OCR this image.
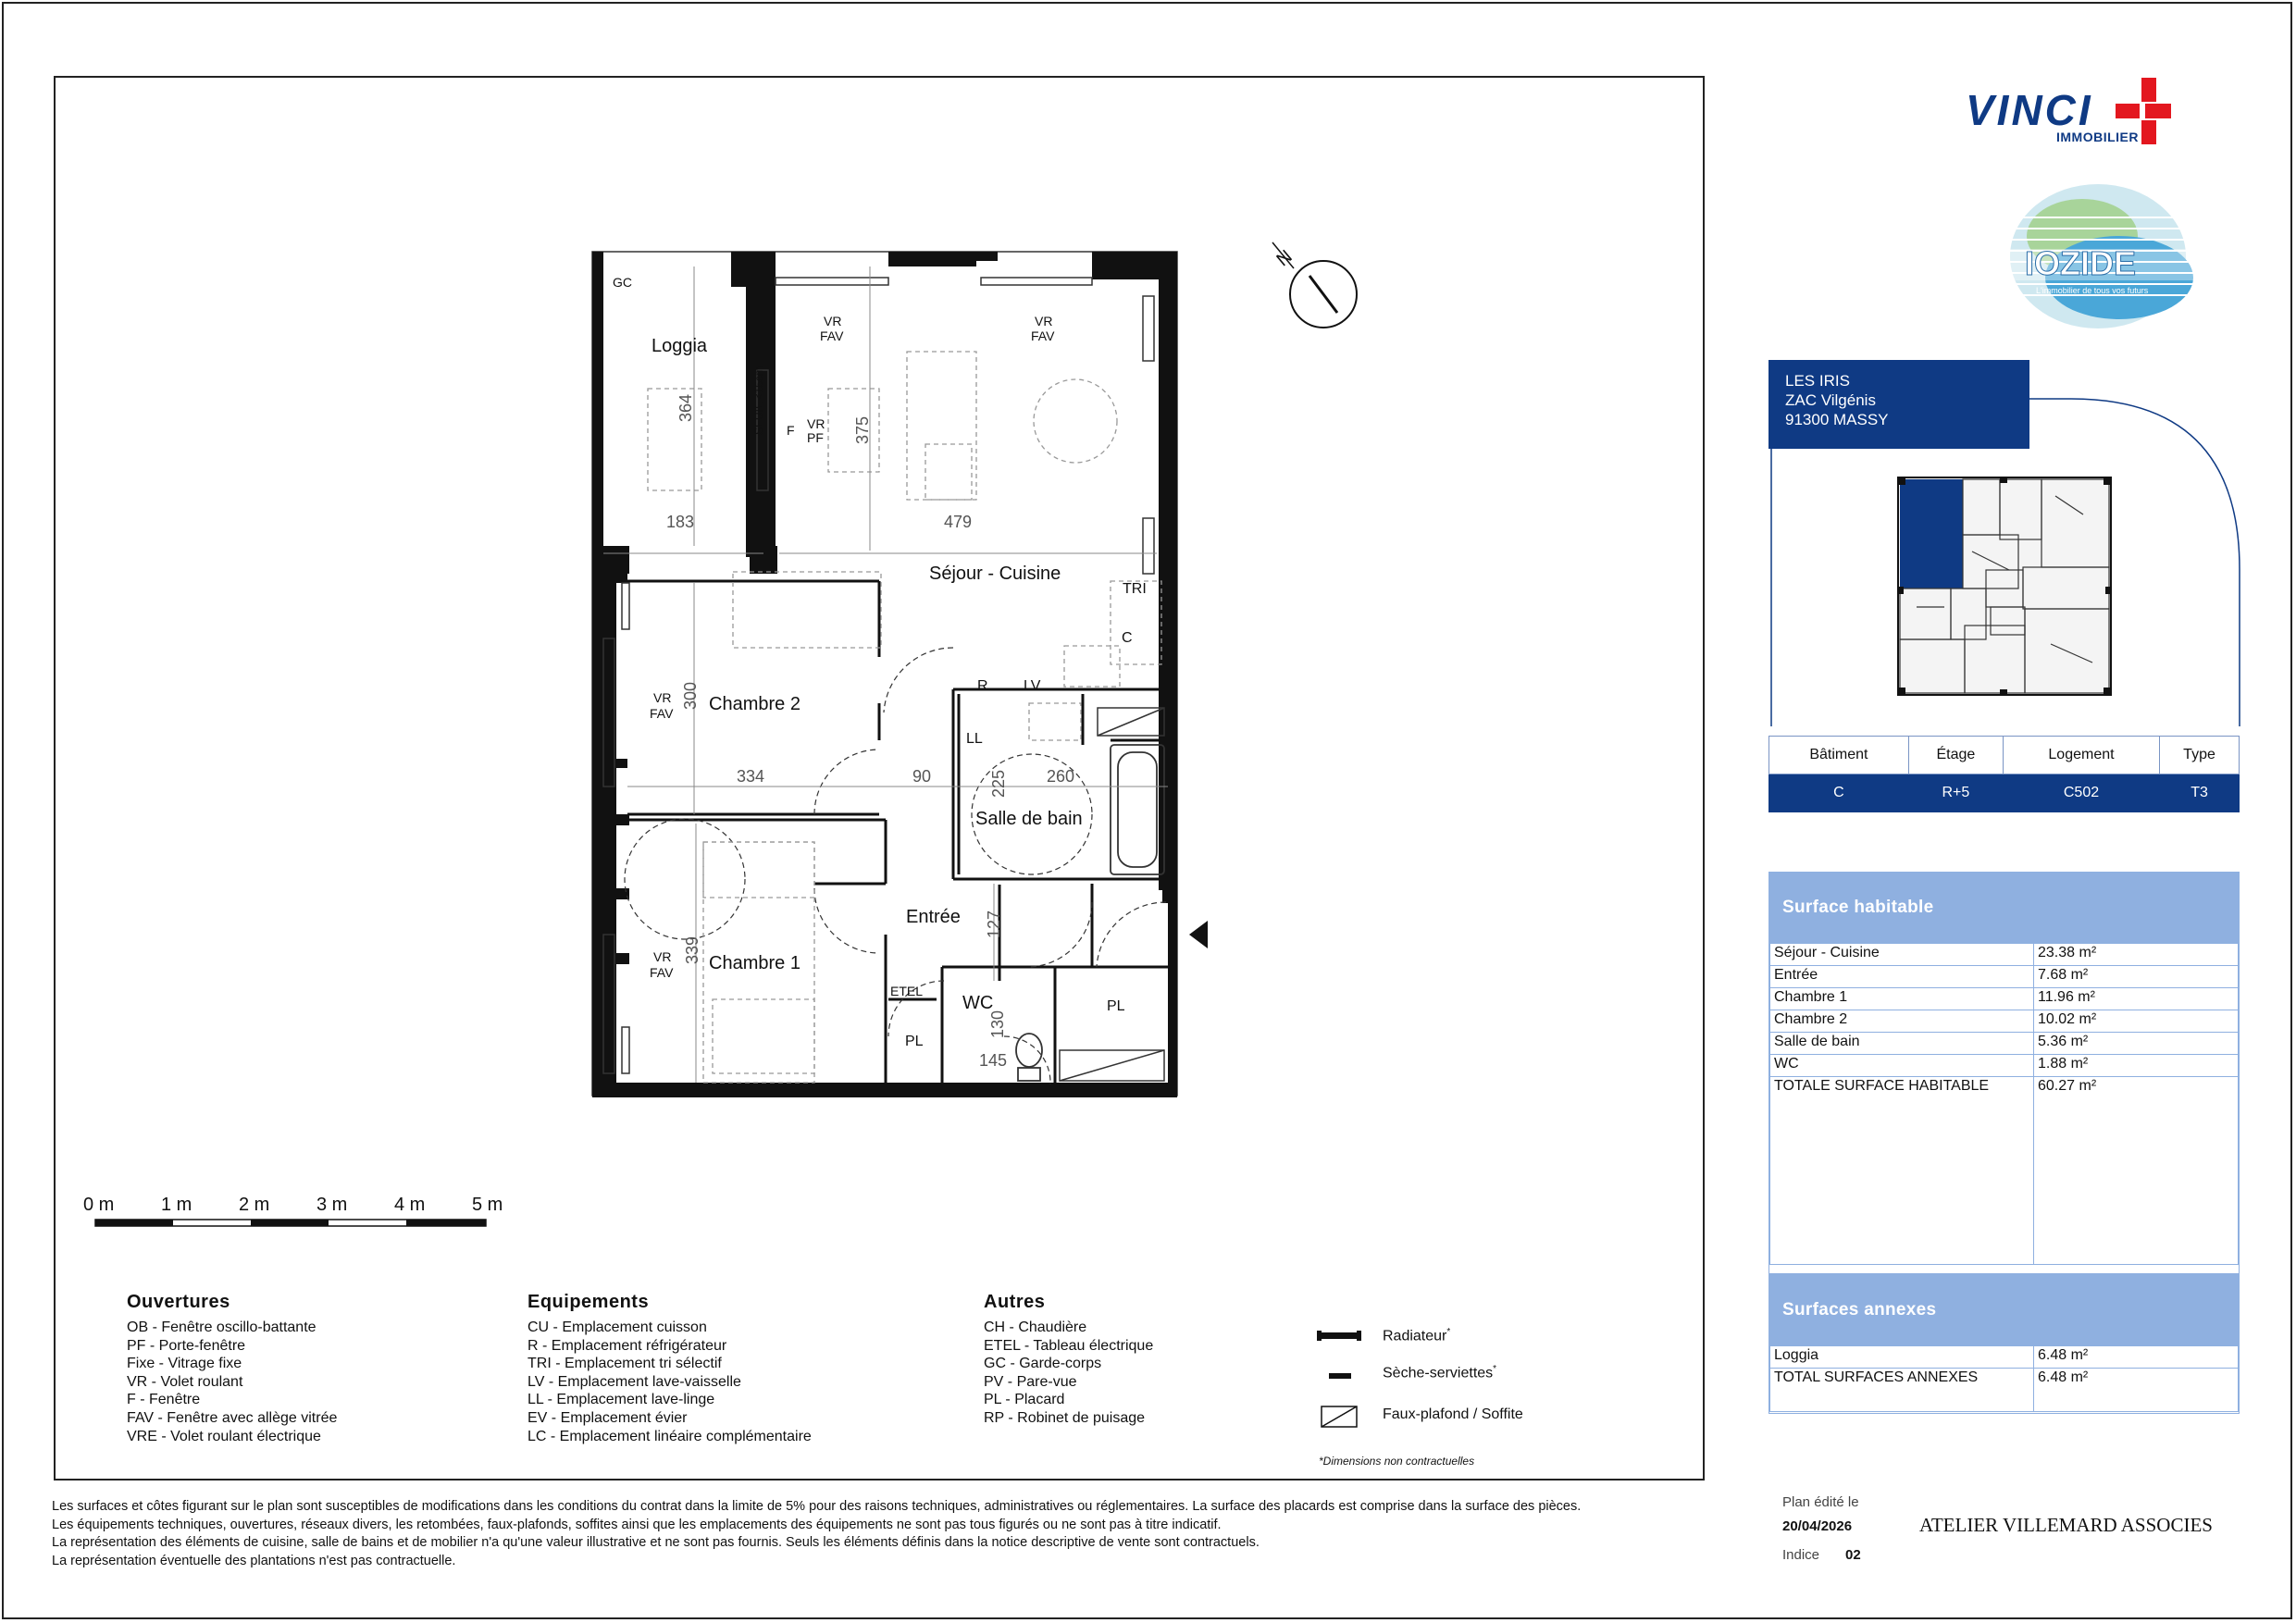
N
Loggia
Séjour - Cuisine
Chambre 2
Chambre 1
Salle de bain
Entrée
WC
364
375
183	479
300
334	90	260
225
339
127
130
145
GC
VR
FAV
VR
FAV
VR
PF
F
SEUIL <15cm
VR
FAV
VR
FAV
TRI
C
R LV
LL
ETEL
PL
PL
0 m	1 m	2 m	3 m	4 m	5 m
Ouvertures
OB - Fenêtre oscillo-battante
PF - Porte-fenêtre
Fixe - Vitrage fixe
VR - Volet roulant
F - Fenêtre
FAV - Fenêtre avec allège vitrée
VRE - Volet roulant électrique
Equipements
CU - Emplacement cuisson
R - Emplacement réfrigérateur
TRI - Emplacement tri sélectif
LV - Emplacement lave-vaisselle
LL - Emplacement lave-linge
EV - Emplacement évier
LC - Emplacement linéaire complémentaire
Autres
CH - Chaudière
ETEL - Tableau électrique
GC - Garde-corps
PV - Pare-vue
PL - Placard
RP - Robinet de puisage
Radiateur*
Sèche-serviettes*
Faux-plafond / Soffite
*Dimensions non contractuelles
Les surfaces et côtes figurant sur le plan sont susceptibles de modifications dans les conditions du contrat dans la limite de 5% pour des raisons techniques, administratives ou réglementaires. La surface des placards est comprise dans la surface des pièces.
Les équipements techniques, ouvertures, réseaux divers, les retombées, faux-plafonds, soffites ainsi que les emplacements des équipements ne sont pas tous figurés ou ne sont pas à titre indicatif.
La représentation des éléments de cuisine, salle de bains et de mobilier n'a qu'une valeur illustrative et ne sont pas fournis. Seuls les éléments définis dans la notice descriptive de vente sont contractuels.
La représentation éventuelle des plantations n'est pas contractuelle.
VINCI
IMMOBILIER
IOZIDE
L'immobilier de tous vos futurs
LES IRIS
ZAC Vilgénis
91300 MASSY
Bâtiment	Étage	Logement	Type
C	R+5	C502	T3
Surface habitable
Séjour - Cuisine	23.38 m²
Entrée	7.68 m²
Chambre 1	11.96 m²
Chambre 2	10.02 m²
Salle de bain	5.36 m²
WC	1.88 m²
TOTALE SURFACE HABITABLE	60.27 m²
Surfaces annexes
Loggia	6.48 m²
TOTAL SURFACES ANNEXES	6.48 m²
Plan édité le
20/04/2026	ATELIER VILLEMARD ASSOCIES
Indice 02
